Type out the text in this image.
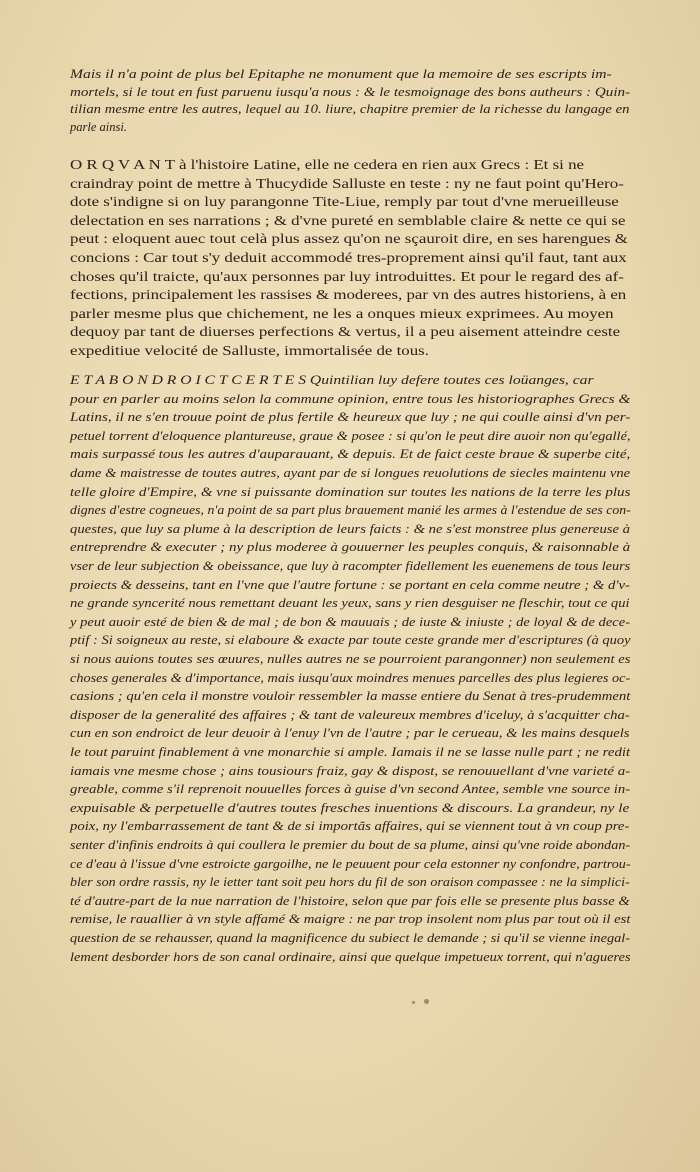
Mais il n'a point de plus bel Epitaphe ne monument que la memoire de ses escripts im-
mortels, si le tout en fust paruenu iusqu'a nous : & le tesmoignage des bons autheurs : Quin-
tilian mesme entre les autres, lequel au 10. liure, chapitre premier de la richesse du langage en
parle ainsi.
O R Q V A N T à l'histoire Latine, elle ne cedera en rien aux Grecs : Et si ne
craindray point de mettre à Thucydide Salluste en teste : ny ne faut point qu'Hero-
dote s'indigne si on luy parangonne Tite-Liue, remply par tout d'vne merueilleuse
delectation en ses narrations ; & d'vne pureté en semblable claire & nette ce qui se
peut : eloquent auec tout celà plus assez qu'on ne sçauroit dire, en ses harengues &
concions : Car tout s'y deduit accommodé tres-proprement ainsi qu'il faut, tant aux
choses qu'il traicte, qu'aux personnes par luy introduittes. Et pour le regard des af-
fections, principalement les rassises & moderees, par vn des autres historiens, à en
parler mesme plus que chichement, ne les a onques mieux exprimees. Au moyen
dequoy par tant de diuerses perfections & vertus, il a peu aisement atteindre ceste
expeditiue velocité de Salluste, immortalisée de tous.
E T A B O N D R O I C T C E R T E S Quintilian luy defere toutes ces loüanges, car
pour en parler au moins selon la commune opinion, entre tous les historiographes Grecs &
Latins, il ne s'en trouue point de plus fertile & heureux que luy ; ne qui coulle ainsi d'vn per-
petuel torrent d'eloquence plantureuse, graue & posee : si qu'on le peut dire auoir non qu'egallé,
mais surpassé tous les autres d'auparauant, & depuis. Et de faict ceste braue & superbe cité,
dame & maistresse de toutes autres, ayant par de si longues reuolutions de siecles maintenu vne
telle gloire d'Empire, & vne si puissante domination sur toutes les nations de la terre les plus
dignes d'estre cogneues, n'a point de sa part plus brauement manié les armes à l'estendue de ses con-
questes, que luy sa plume à la description de leurs faicts : & ne s'est monstree plus genereuse à
entreprendre & executer ; ny plus moderee à gouuerner les peuples conquis, & raisonnable à
vser de leur subjection & obeissance, que luy à racompter fidellement les euenemens de tous leurs
proiects & desseins, tant en l'vne que l'autre fortune : se portant en cela comme neutre ; & d'v-
ne grande syncerité nous remettant deuant les yeux, sans y rien desguiser ne fleschir, tout ce qui
y peut auoir esté de bien & de mal ; de bon & mauuais ; de iuste & iniuste ; de loyal & de dece-
ptif : Si soigneux au reste, si elaboure & exacte par toute ceste grande mer d'escriptures (à quoy
si nous auions toutes ses œuures, nulles autres ne se pourroient parangonner) non seulement es
choses generales & d'importance, mais iusqu'aux moindres menues parcelles des plus legieres oc-
casions ; qu'en cela il monstre vouloir ressembler la masse entiere du Senat à tres-prudemment
disposer de la generalité des affaires ; & tant de valeureux membres d'iceluy, à s'acquitter cha-
cun en son endroict de leur deuoir à l'enuy l'vn de l'autre ; par le cerueau, & les mains desquels
le tout paruint finablement à vne monarchie si ample. Iamais il ne se lasse nulle part ; ne redit
iamais vne mesme chose ; ains tousiours fraiz, gay & dispost, se renouuellant d'vne varieté a-
greable, comme s'il reprenoit nouuelles forces à guise d'vn second Antee, semble vne source in-
expuisable & perpetuelle d'autres toutes fresches inuentions & discours. La grandeur, ny le
poix, ny l'embarrassement de tant & de si importãs affaires, qui se viennent tout à vn coup pre-
senter d'infinis endroits à qui coullera le premier du bout de sa plume, ainsi qu'vne roide abondan-
ce d'eau à l'issue d'vne estroicte gargoilhe, ne le peuuent pour cela estonner ny confondre, partrou-
bler son ordre rassis, ny le ietter tant soit peu hors du fil de son oraison compassee : ne la simplici-
té d'autre-part de la nue narration de l'histoire, selon que par fois elle se presente plus basse &
remise, le rauallier à vn style affamé & maigre : ne par trop insolent nom plus par tout où il est
question de se rehausser, quand la magnificence du subiect le demande ; si qu'il se vienne inegal-
lement desborder hors de son canal ordinaire, ainsi que quelque impetueux torrent, qui n'agueres
